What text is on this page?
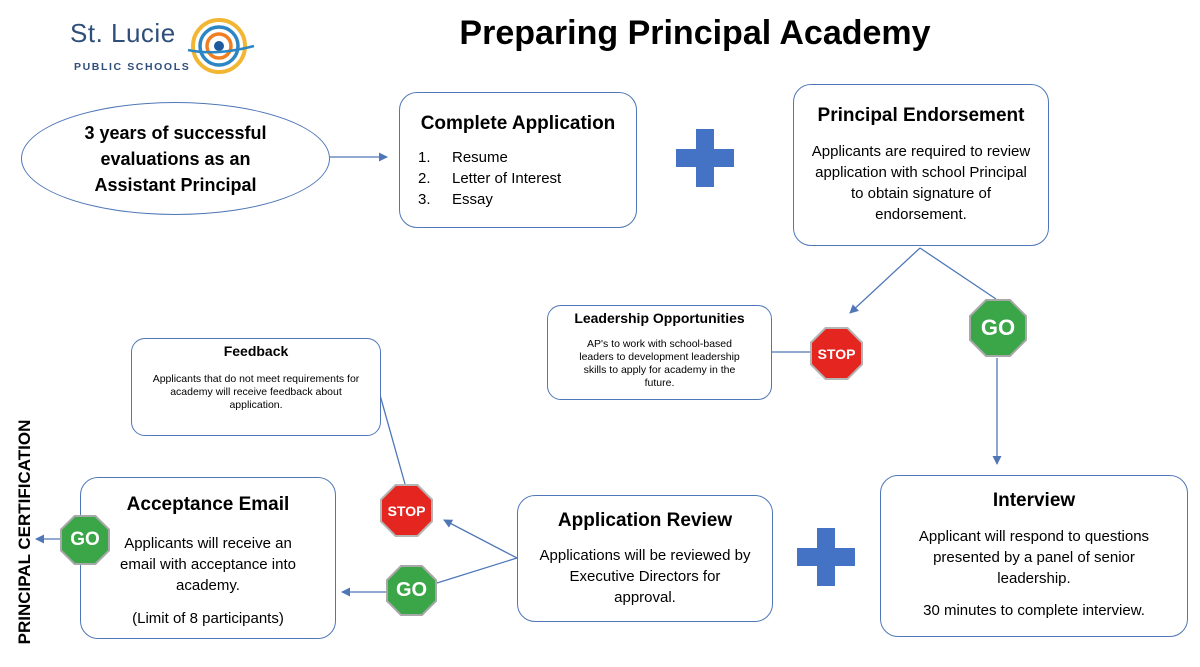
St. Lucie
PUBLIC SCHOOLS
Preparing Principal Academy
PRINCIPAL CERTIFICATION
3 years of successful
evaluations as an
Assistant Principal
Complete Application
1.	Resume
2.	Letter of Interest
3.	Essay
Principal Endorsement
Applicants are required to review application with school Principal to obtain signature of endorsement.
Leadership Opportunities
AP's to work with school-based leaders to development leadership skills to apply for academy in the future.
Feedback
Applicants that do not meet requirements for academy will receive feedback about application.
Interview
Applicant will respond to questions presented by a panel of senior leadership.
30 minutes to complete interview.
Application Review
Applications will be reviewed by Executive Directors for approval.
Acceptance Email
Applicants will receive an email with acceptance into academy.
(Limit of 8 participants)
GO
STOP
STOP
GO
GO
